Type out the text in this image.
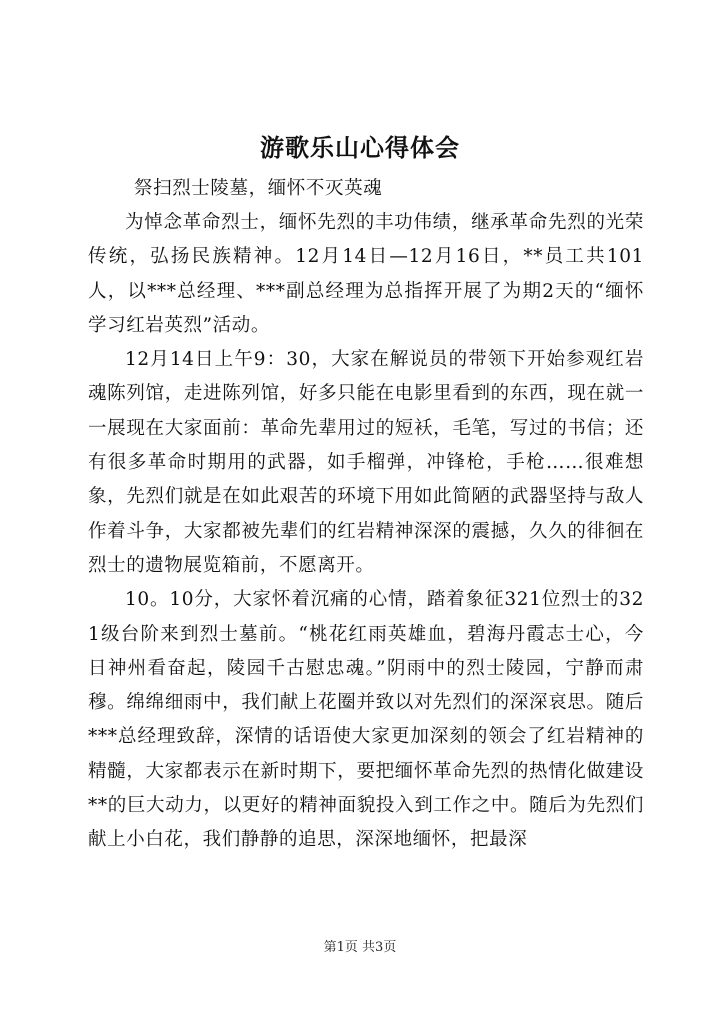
游歌乐山心得体会

祭扫烈士陵墓，缅怀不灭英魂

为悼念革命烈士，缅怀先烈的丰功伟绩，继承革命先烈的光荣传统，弘扬民族精神。12月14日—12月16日，**员工共101人，以***总经理、***副总经理为总指挥开展了为期2天的“缅怀学习红岩英烈”活动。

12月14日上午9：30，大家在解说员的带领下开始参观红岩魂陈列馆，走进陈列馆，好多只能在电影里看到的东西，现在就一一展现在大家面前：革命先辈用过的短袄，毛笔，写过的书信；还有很多革命时期用的武器，如手榴弹，冲锋枪，手枪……很难想象，先烈们就是在如此艰苦的环境下用如此简陋的武器坚持与敌人作着斗争，大家都被先辈们的红岩精神深深的震撼，久久的徘徊在烈士的遗物展览箱前，不愿离开。

10。10分，大家怀着沉痛的心情，踏着象征321位烈士的321级台阶来到烈士墓前。“桃花红雨英雄血，碧海丹霞志士心，今日神州看奋起，陵园千古慰忠魂。”阴雨中的烈士陵园，宁静而肃穆。绵绵细雨中，我们献上花圈并致以对先烈们的深深哀思。随后***总经理致辞，深情的话语使大家更加深刻的领会了红岩精神的精髓，大家都表示在新时期下，要把缅怀革命先烈的热情化做建设**的巨大动力，以更好的精神面貌投入到工作之中。随后为先烈们献上小白花，我们静静的追思，深深地缅怀，把最深

第1页 共3页
